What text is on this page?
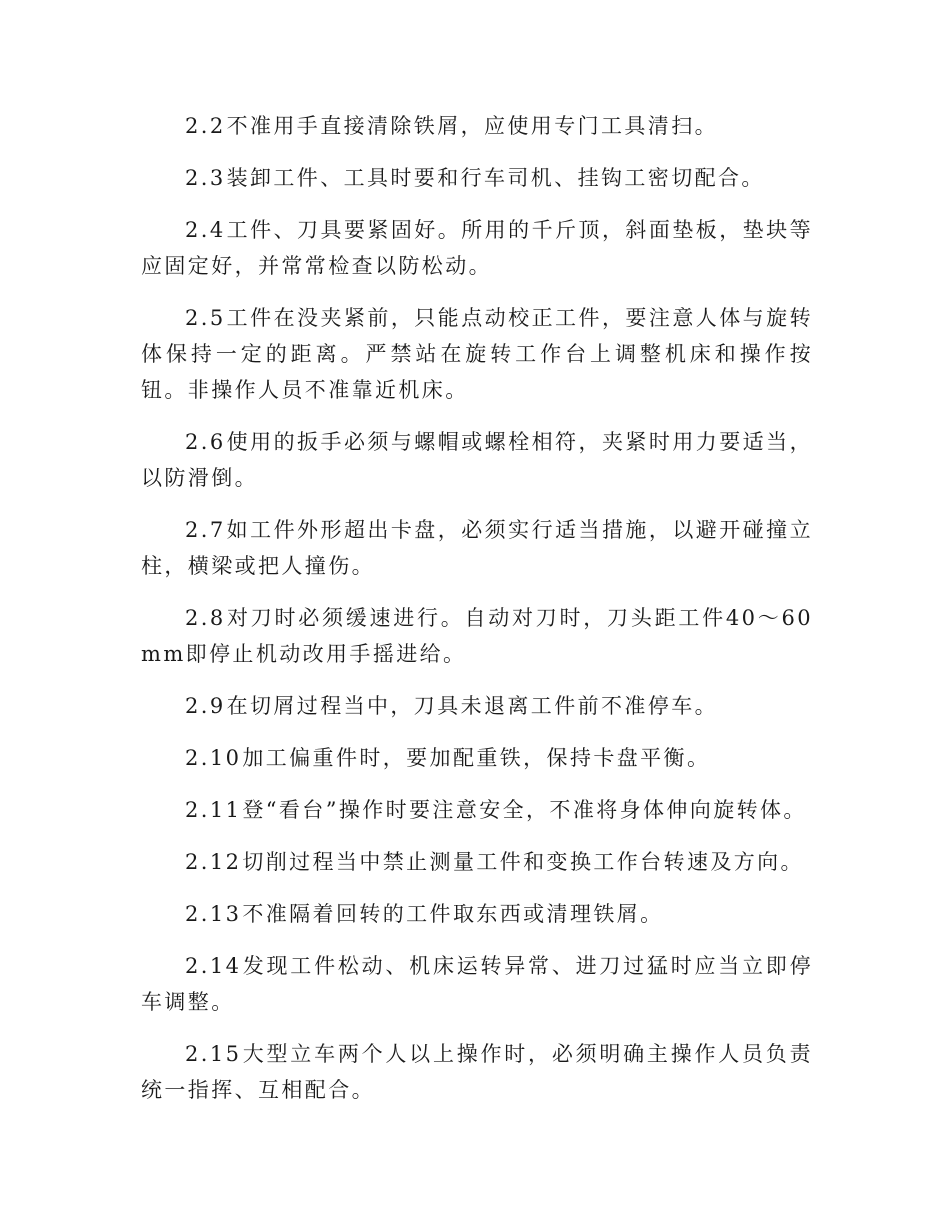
2.2不准用手直接清除铁屑，应使用专门工具清扫。

2.3装卸工件、工具时要和行车司机、挂钩工密切配合。

2.4工件、刀具要紧固好。所用的千斤顶，斜面垫板，垫块等应固定好，并常常检查以防松动。

2.5工件在没夹紧前，只能点动校正工件，要注意人体与旋转体保持一定的距离。严禁站在旋转工作台上调整机床和操作按钮。非操作人员不准靠近机床。

2.6使用的扳手必须与螺帽或螺栓相符，夹紧时用力要适当，以防滑倒。

2.7如工件外形超出卡盘，必须实行适当措施，以避开碰撞立柱，横梁或把人撞伤。

2.8对刀时必须缓速进行。自动对刀时，刀头距工件40～60mm即停止机动改用手摇进给。

2.9在切屑过程当中，刀具未退离工件前不准停车。

2.10加工偏重件时，要加配重铁，保持卡盘平衡。

2.11登“看台”操作时要注意安全，不准将身体伸向旋转体。

2.12切削过程当中禁止测量工件和变换工作台转速及方向。

2.13不准隔着回转的工件取东西或清理铁屑。

2.14发现工件松动、机床运转异常、进刀过猛时应当立即停车调整。

2.15大型立车两个人以上操作时，必须明确主操作人员负责统一指挥、互相配合。
